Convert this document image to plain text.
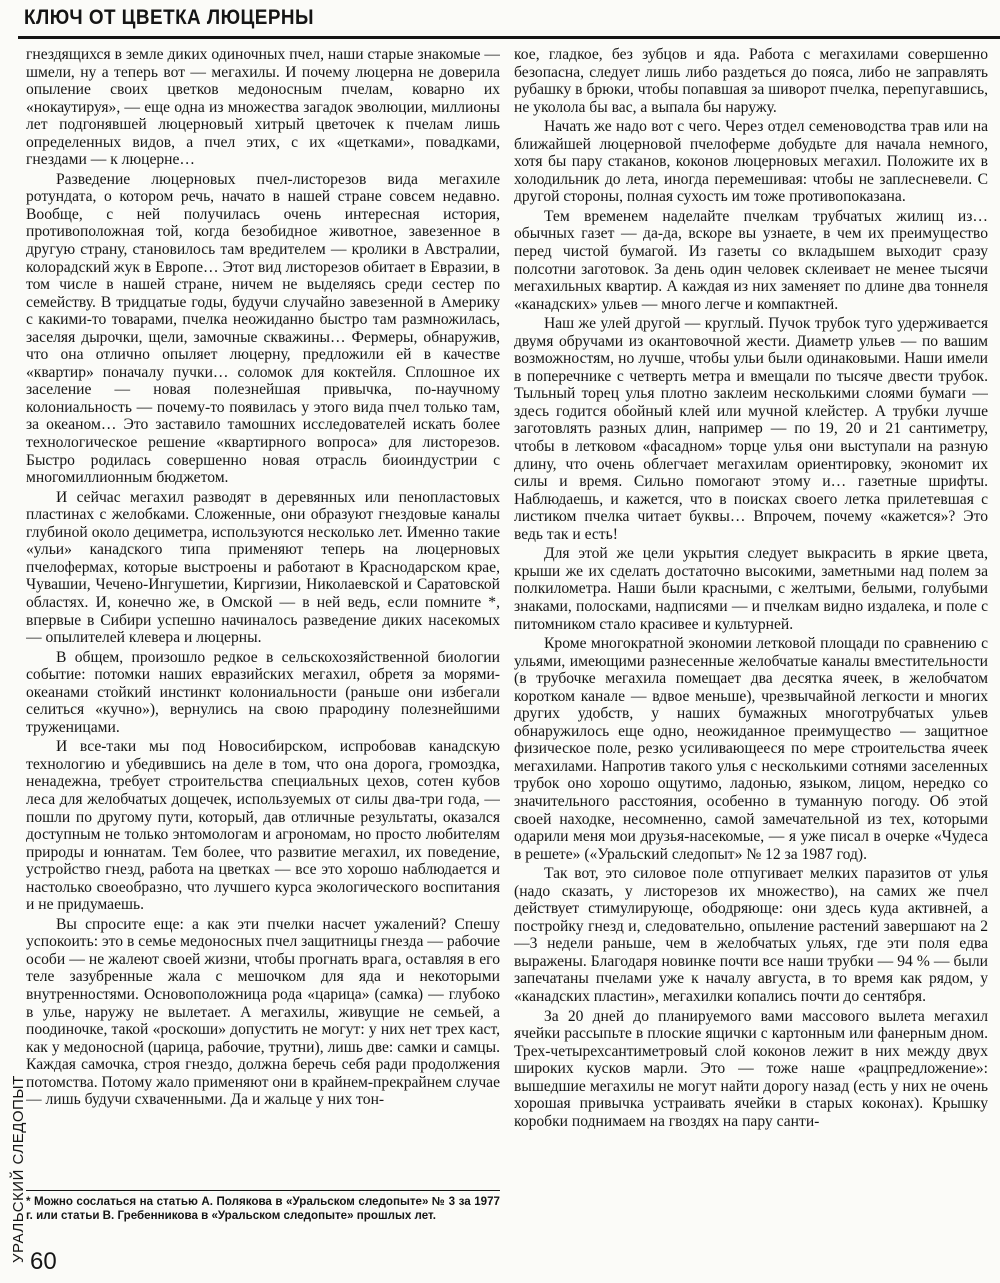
КЛЮЧ ОТ ЦВЕТКА ЛЮЦЕРНЫ

гнездящихся в земле диких одиночных пчел, наши старые знакомые — шмели, ну а теперь вот — мегахилы. И почему люцерна не доверила опыление своих цветков медоносным пчелам, коварно их «нокаутируя», — еще одна из множества загадок эволюции, миллионы лет подгонявшей люцерновый хитрый цветочек к пчелам лишь определенных видов, а пчел этих, с их «щетками», повадками, гнездами — к люцерне…

Разведение люцерновых пчел-листорезов вида мегахиле ротундата, о котором речь, начато в нашей стране совсем недавно. Вообще, с ней получилась очень интересная история, противоположная той, когда безобидное животное, завезенное в другую страну, становилось там вредителем — кролики в Австралии, колорадский жук в Европе… Этот вид листорезов обитает в Евразии, в том числе в нашей стране, ничем не выделяясь среди сестер по семейству. В тридцатые годы, будучи случайно завезенной в Америку с какими-то товарами, пчелка неожиданно быстро там размножилась, заселяя дырочки, щели, замочные скважины… Фермеры, обнаружив, что она отлично опыляет люцерну, предложили ей в качестве «квартир» поначалу пучки… соломок для коктейля. Сплошное их заселение — новая полезнейшая привычка, по-научному колониальность — почему-то появилась у этого вида пчел только там, за океаном… Это заставило тамошних исследователей искать более технологическое решение «квартирного вопроса» для листорезов. Быстро родилась совершенно новая отрасль биоиндустрии с многомиллионным бюджетом.

И сейчас мегахил разводят в деревянных или пенопластовых пластинах с желобками. Сложенные, они образуют гнездовые каналы глубиной около дециметра, используются несколько лет. Именно такие «ульи» канадского типа применяют теперь на люцерновых пчелофермах, которые выстроены и работают в Краснодарском крае, Чувашии, Чечено-Ингушетии, Киргизии, Николаевской и Саратовской областях. И, конечно же, в Омской — в ней ведь, если помните *, впервые в Сибири успешно начиналось разведение диких насекомых — опылителей клевера и люцерны.

В общем, произошло редкое в сельскохозяйственной биологии событие: потомки наших евразийских мегахил, обретя за морями-океанами стойкий инстинкт колониальности (раньше они избегали селиться «кучно»), вернулись на свою прародину полезнейшими труженицами.

И все-таки мы под Новосибирском, испробовав канадскую технологию и убедившись на деле в том, что она дорога, громоздка, ненадежна, требует строительства специальных цехов, сотен кубов леса для желобчатых дощечек, используемых от силы два-три года, — пошли по другому пути, который, дав отличные результаты, оказался доступным не только энтомологам и агрономам, но просто любителям природы и юннатам. Тем более, что развитие мегахил, их поведение, устройство гнезд, работа на цветках — все это хорошо наблюдается и настолько своеобразно, что лучшего курса экологического воспитания и не придумаешь.

Вы спросите еще: а как эти пчелки насчет ужалений? Спешу успокоить: это в семье медоносных пчел защитницы гнезда — рабочие особи — не жалеют своей жизни, чтобы прогнать врага, оставляя в его теле зазубренные жала с мешочком для яда и некоторыми внутренностями. Основоположница рода «царица» (самка) — глубоко в улье, наружу не вылетает. А мегахилы, живущие не семьей, а поодиночке, такой «роскоши» допустить не могут: у них нет трех каст, как у медоносной (царица, рабочие, трутни), лишь две: самки и самцы. Каждая самочка, строя гнездо, должна беречь себя ради продолжения потомства. Потому жало применяют они в крайнем-прекрайнем случае — лишь будучи схваченными. Да и жальце у них тон-

кое, гладкое, без зубцов и яда. Работа с мегахилами совершенно безопасна, следует лишь либо раздеться до пояса, либо не заправлять рубашку в брюки, чтобы попавшая за шиворот пчелка, перепугавшись, не уколола бы вас, а выпала бы наружу.

Начать же надо вот с чего. Через отдел семеноводства трав или на ближайшей люцерновой пчелоферме добудьте для начала немного, хотя бы пару стаканов, коконов люцерновых мегахил. Положите их в холодильник до лета, иногда перемешивая: чтобы не заплесневели. С другой стороны, полная сухость им тоже противопоказана.

Тем временем наделайте пчелкам трубчатых жилищ из… обычных газет — да-да, вскоре вы узнаете, в чем их преимущество перед чистой бумагой. Из газеты со вкладышем выходит сразу полсотни заготовок. За день один человек склеивает не менее тысячи мегахильных квартир. А каждая из них заменяет по длине два тоннеля «канадских» ульев — много легче и компактней.

Наш же улей другой — круглый. Пучок трубок туго удерживается двумя обручами из окантовочной жести. Диаметр ульев — по вашим возможностям, но лучше, чтобы ульи были одинаковыми. Наши имели в поперечнике с четверть метра и вмещали по тысяче двести трубок. Тыльный торец улья плотно заклеим несколькими слоями бумаги — здесь годится обойный клей или мучной клейстер. А трубки лучше заготовлять разных длин, например — по 19, 20 и 21 сантиметру, чтобы в летковом «фасадном» торце улья они выступали на разную длину, что очень облегчает мегахилам ориентировку, экономит их силы и время. Сильно помогают этому и… газетные шрифты. Наблюдаешь, и кажется, что в поисках своего летка прилетевшая с листиком пчелка читает буквы… Впрочем, почему «кажется»? Это ведь так и есть!

Для этой же цели укрытия следует выкрасить в яркие цвета, крыши же их сделать достаточно высокими, заметными над полем за полкилометра. Наши были красными, с желтыми, белыми, голубыми знаками, полосками, надписями — и пчелкам видно издалека, и поле с питомником стало красивее и культурней.

Кроме многократной экономии летковой площади по сравнению с ульями, имеющими разнесенные желобчатые каналы вместительности (в трубочке мегахила помещает два десятка ячеек, в желобчатом коротком канале — вдвое меньше), чрезвычайной легкости и многих других удобств, у наших бумажных многотрубчатых ульев обнаружилось еще одно, неожиданное преимущество — защитное физическое поле, резко усиливающееся по мере строительства ячеек мегахилами. Напротив такого улья с несколькими сотнями заселенных трубок оно хорошо ощутимо, ладонью, языком, лицом, нередко со значительного расстояния, особенно в туманную погоду. Об этой своей находке, несомненно, самой замечательной из тех, которыми одарили меня мои друзья-насекомые, — я уже писал в очерке «Чудеса в решете» («Уральский следопыт» № 12 за 1987 год).

Так вот, это силовое поле отпугивает мелких паразитов от улья (надо сказать, у листорезов их множество), на самих же пчел действует стимулирующе, ободряюще: они здесь куда активней, а постройку гнезд и, следовательно, опыление растений завершают на 2—3 недели раньше, чем в желобчатых ульях, где эти поля едва выражены. Благодаря новинке почти все наши трубки — 94 % — были запечатаны пчелами уже к началу августа, в то время как рядом, у «канадских пластин», мегахилки копались почти до сентября.

За 20 дней до планируемого вами массового вылета мегахил ячейки рассыпьте в плоские ящички с картонным или фанерным дном. Трех-четырехсантиметровый слой коконов лежит в них между двух широких кусков марли. Это — тоже наше «рацпредложение»: вышедшие мегахилы не могут найти дорогу назад (есть у них не очень хорошая привычка устраивать ячейки в старых коконах). Крышку коробки поднимаем на гвоздях на пару санти-

* Можно сослаться на статью А. Полякова в «Уральском следопыте» № 3 за 1977 г. или статьи В. Гребенникова в «Уральском следопыте» прошлых лет.
УРАЛЬСКИЙ СЛЕДОПЫТ 60
